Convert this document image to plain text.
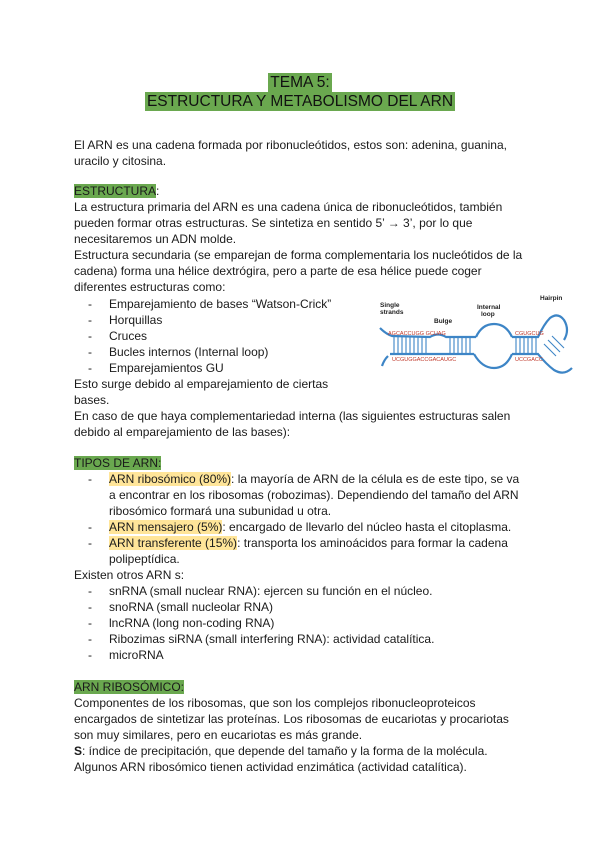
TEMA 5:
ESTRUCTURA Y METABOLISMO DEL ARN
El ARN es una cadena formada por ribonucleótidos, estos son: adenina, guanina,
uracilo y citosina.
ESTRUCTURA:
La estructura primaria del ARN es una cadena única de ribonucleótidos, también
pueden formar otras estructuras. Se sintetiza en sentido 5’ → 3’, por lo que
necesitaremos un ADN molde.
Estructura secundaria (se emparejan de forma complementaria los nucleótidos de la
cadena) forma una hélice dextrógira, pero a parte de esa hélice puede coger
diferentes estructuras como:
- Emparejamiento de bases “Watson-Crick”
- Horquillas
- Cruces
- Bucles internos (Internal loop)
- Emparejamientos GU
Esto surge debido al emparejamiento de ciertas
bases.
En caso de que haya complementariedad interna (las siguientes estructuras salen
debido al emparejamiento de las bases):
Single
strands
Bulge
Internal
loop
Hairpin
AGCACCUGG GCUAG
UCGUGGACCGACAUGC
CGUGCUG
UCCGACC
TIPOS DE ARN:
- ARN ribosómico (80%): la mayoría de ARN de la célula es de este tipo, se va
a encontrar en los ribosomas (robozimas). Dependiendo del tamaño del ARN
ribosómico formará una subunidad u otra.
- ARN mensajero (5%): encargado de llevarlo del núcleo hasta el citoplasma.
- ARN transferente (15%): transporta los aminoácidos para formar la cadena
polipeptídica.
Existen otros ARN s:
- snRNA (small nuclear RNA): ejercen su función en el núcleo.
- snoRNA (small nucleolar RNA)
- lncRNA (long non-coding RNA)
- Ribozimas siRNA (small interfering RNA): actividad catalítica.
- microRNA
ARN RIBOSÓMICO:
Componentes de los ribosomas, que son los complejos ribonucleoproteicos
encargados de sintetizar las proteínas. Los ribosomas de eucariotas y procariotas
son muy similares, pero en eucariotas es más grande.
S: índice de precipitación, que depende del tamaño y la forma de la molécula.
Algunos ARN ribosómico tienen actividad enzimática (actividad catalítica).
